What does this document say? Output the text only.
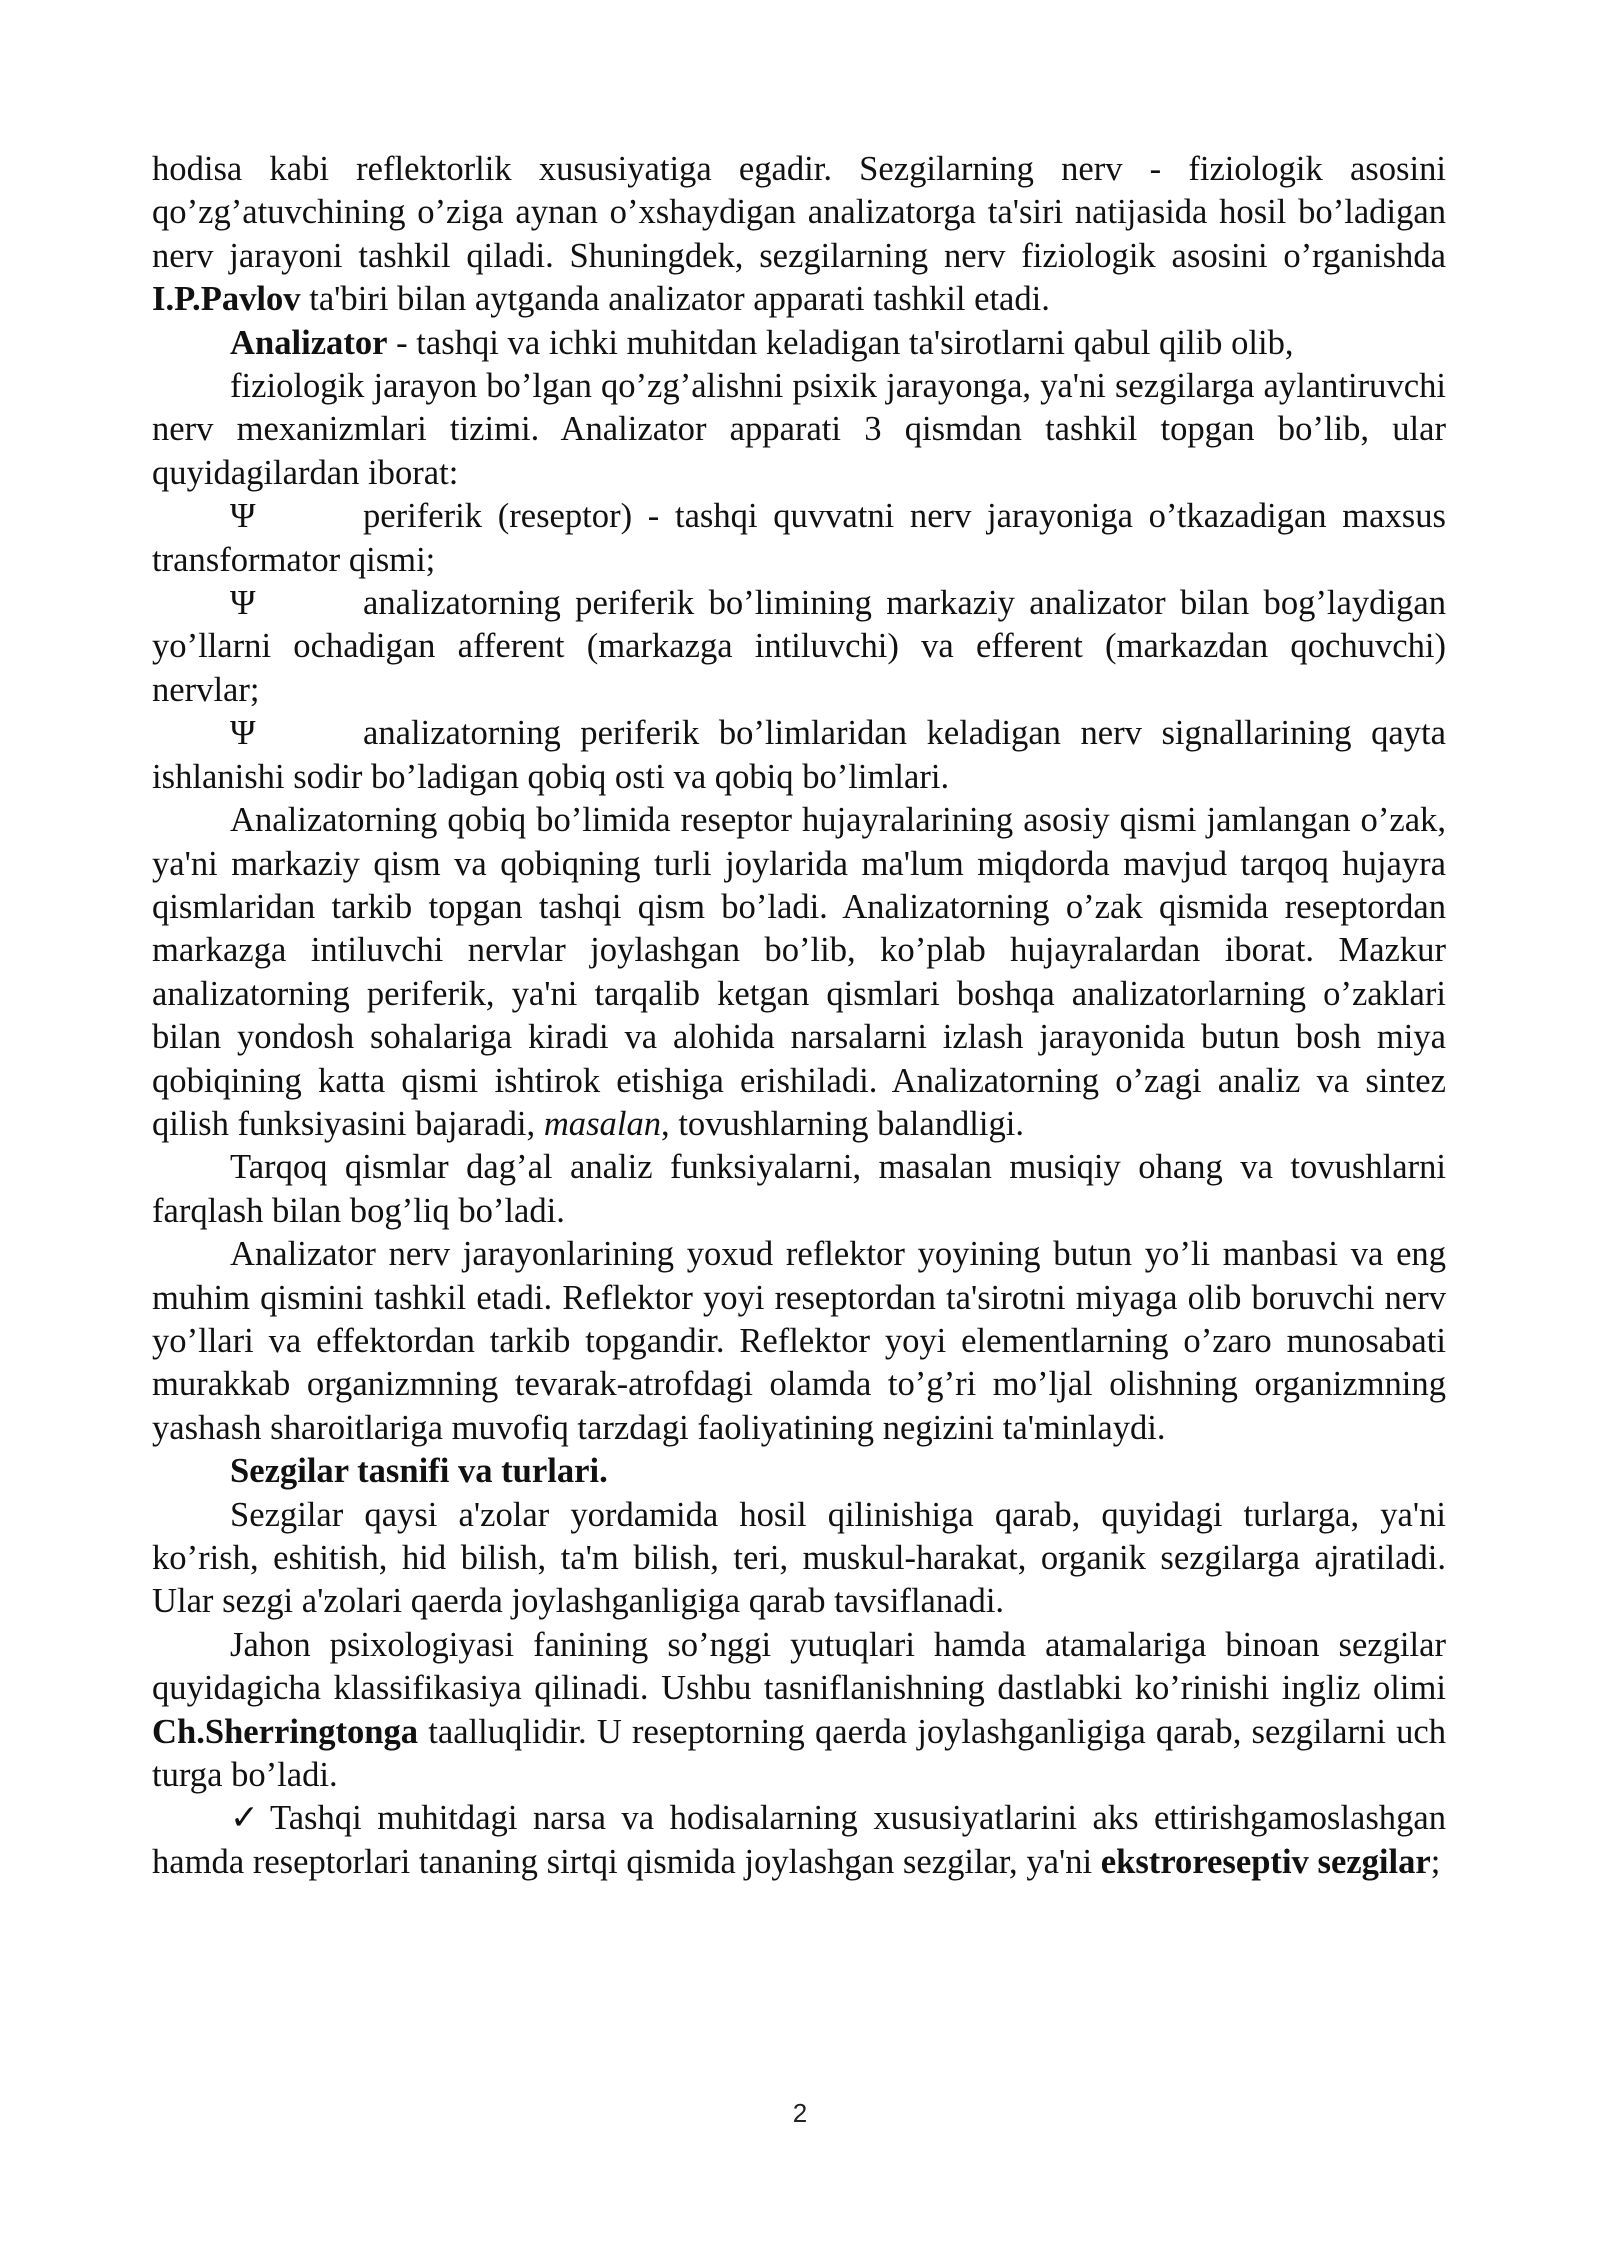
hodisa kabi reflektorlik xususiyatiga egadir. Sezgilarning nerv - fiziologik asosini qo’zg’atuvchining o’ziga aynan o’xshaydigan analizatorga ta'siri natijasida hosil bo’ladigan nerv jarayoni tashkil qiladi. Shuningdek, sezgilarning nerv fiziologik asosini o’rganishda I.P.Pavlov ta'biri bilan aytganda analizator apparati tashkil etadi.

Analizator - tashqi va ichki muhitdan keladigan ta'sirotlarni qabul qilib olib,

fiziologik jarayon bo’lgan qo’zg’alishni psixik jarayonga, ya'ni sezgilarga aylantiruvchi nerv mexanizmlari tizimi. Analizator apparati 3 qismdan tashkil topgan bo’lib, ular quyidagilardan iborat:

Ψ	periferik (reseptor) - tashqi quvvatni nerv jarayoniga o’tkazadigan maxsus transformator qismi;

Ψ	analizatorning periferik bo’limining markaziy analizator bilan bog’laydigan yo’llarni ochadigan afferent (markazga intiluvchi) va efferent (markazdan qochuvchi) nervlar;

Ψ	analizatorning periferik bo’limlaridan keladigan nerv signallarining qayta ishlanishi sodir bo’ladigan qobiq osti va qobiq bo’limlari.

Analizatorning qobiq bo’limida reseptor hujayralarining asosiy qismi jamlangan o’zak, ya'ni markaziy qism va qobiqning turli joylarida ma'lum miqdorda mavjud tarqoq hujayra qismlaridan tarkib topgan tashqi qism bo’ladi. Analizatorning o’zak qismida reseptordan markazga intiluvchi nervlar joylashgan bo’lib, ko’plab hujayralardan iborat. Mazkur analizatorning periferik, ya'ni tarqalib ketgan qismlari boshqa analizatorlarning o’zaklari bilan yondosh sohalariga kiradi va alohida narsalarni izlash jarayonida butun bosh miya qobiqining katta qismi ishtirok etishiga erishiladi. Analizatorning o’zagi analiz va sintez qilish funksiyasini bajaradi, masalan, tovushlarning balandligi.

Tarqoq qismlar dag’al analiz funksiyalarni, masalan musiqiy ohang va tovushlarni farqlash bilan bog’liq bo’ladi.

Analizator nerv jarayonlarining yoxud reflektor yoyining butun yo’li manbasi va eng muhim qismini tashkil etadi. Reflektor yoyi reseptordan ta'sirotni miyaga olib boruvchi nerv yo’llari va effektordan tarkib topgandir. Reflektor yoyi elementlarning o’zaro munosabati murakkab organizmning tevarak-atrofdagi olamda to’g’ri mo’ljal olishning organizmning yashash sharoitlariga muvofiq tarzdagi faoliyatining negizini ta'minlaydi.

Sezgilar tasnifi va turlari.

Sezgilar qaysi a'zolar yordamida hosil qilinishiga qarab, quyidagi turlarga, ya'ni ko’rish, eshitish, hid bilish, ta'm bilish, teri, muskul-harakat, organik sezgilarga ajratiladi. Ular sezgi a'zolari qaerda joylashganligiga qarab tavsiflanadi.

Jahon psixologiyasi fanining so’nggi yutuqlari hamda atamalariga binoan sezgilar quyidagicha klassifikasiya qilinadi. Ushbu tasniflanishning dastlabki ko’rinishi ingliz olimi Ch.Sherringtonga taalluqlidir. U reseptorning qaerda joylashganligiga qarab, sezgilarni uch turga bo’ladi.

✓ Tashqi muhitdagi narsa va hodisalarning xususiyatlarini aks ettirishgamoslashgan hamda reseptorlari tananing sirtqi qismida joylashgan sezgilar, ya'ni ekstroreseptiv sezgilar;

2
